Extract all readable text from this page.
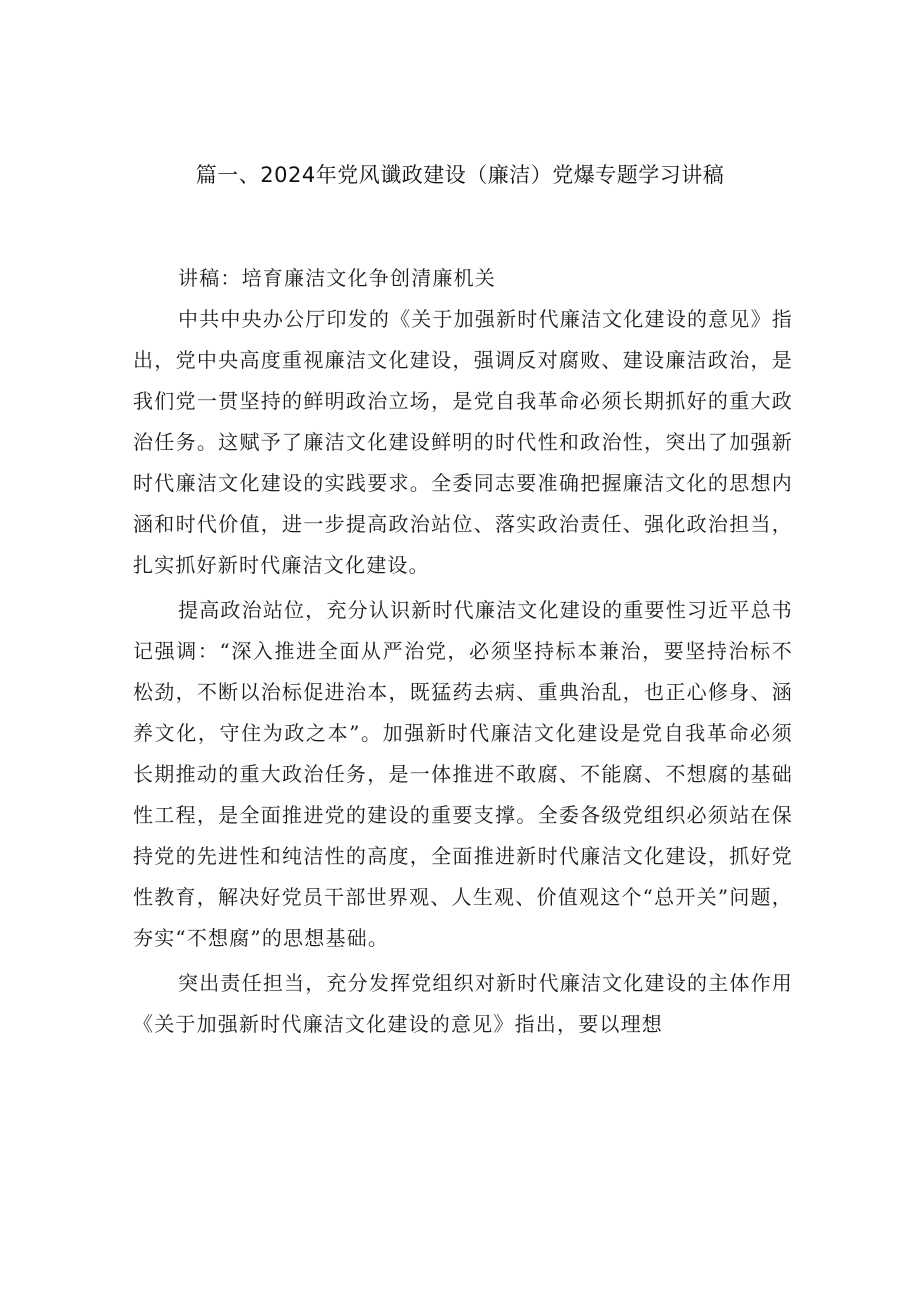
篇一、2024年党风谶政建设（廉洁）党爆专题学习讲稿

讲稿：培育廉洁文化争创清廉机关

中共中央办公厅印发的《关于加强新时代廉洁文化建设的意见》指出，党中央高度重视廉洁文化建设，强调反对腐败、建设廉洁政治，是我们党一贯坚持的鲜明政治立场，是党自我革命必须长期抓好的重大政治任务。这赋予了廉洁文化建设鲜明的时代性和政治性，突出了加强新时代廉洁文化建设的实践要求。全委同志要准确把握廉洁文化的思想内涵和时代价值，进一步提高政治站位、落实政治责任、强化政治担当，扎实抓好新时代廉洁文化建设。

提高政治站位，充分认识新时代廉洁文化建设的重要性习近平总书记强调：“深入推进全面从严治党，必须坚持标本兼治，要坚持治标不松劲，不断以治标促进治本，既猛药去病、重典治乱，也正心修身、涵养文化，守住为政之本”。加强新时代廉洁文化建设是党自我革命必须长期推动的重大政治任务，是一体推进不敢腐、不能腐、不想腐的基础性工程，是全面推进党的建设的重要支撑。全委各级党组织必须站在保持党的先进性和纯洁性的高度，全面推进新时代廉洁文化建设，抓好党性教育，解决好党员干部世界观、人生观、价值观这个“总开关”问题，夯实“不想腐”的思想基础。

突出责任担当，充分发挥党组织对新时代廉洁文化建设的主体作用《关于加强新时代廉洁文化建设的意见》指出，要以理想
